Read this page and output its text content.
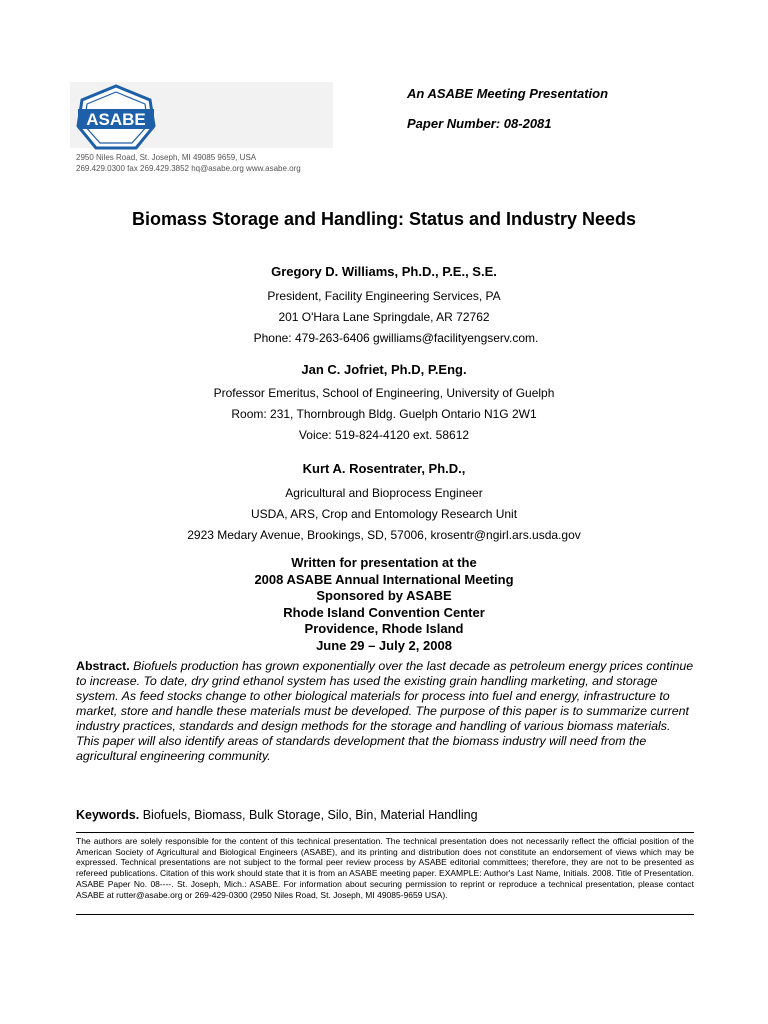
ASABE
2950 Niles Road, St. Joseph, MI 49085 9659, USA
269.429.0300 fax 269.429.3852 hq@asabe.org www.asabe.org
An ASABE Meeting Presentation
Paper Number: 08-2081
Biomass Storage and Handling: Status and Industry Needs
Gregory D. Williams, Ph.D., P.E., S.E.
President, Facility Engineering Services, PA
201 O'Hara Lane Springdale, AR 72762
Phone: 479-263-6406 gwilliams@facilityengserv.com.
Jan C. Jofriet, Ph.D, P.Eng.
Professor Emeritus, School of Engineering, University of Guelph
Room: 231, Thornbrough Bldg. Guelph Ontario N1G 2W1
Voice: 519-824-4120 ext. 58612
Kurt A. Rosentrater, Ph.D.,
Agricultural and Bioprocess Engineer
USDA, ARS, Crop and Entomology Research Unit
2923 Medary Avenue, Brookings, SD, 57006, krosentr@ngirl.ars.usda.gov
Written for presentation at the
2008 ASABE Annual International Meeting
Sponsored by ASABE
Rhode Island Convention Center
Providence, Rhode Island
June 29 – July 2, 2008
Abstract. Biofuels production has grown exponentially over the last decade as petroleum energy prices continue to increase. To date, dry grind ethanol system has used the existing grain handling marketing, and storage system. As feed stocks change to other biological materials for process into fuel and energy, infrastructure to market, store and handle these materials must be developed. The purpose of this paper is to summarize current industry practices, standards and design methods for the storage and handling of various biomass materials. This paper will also identify areas of standards development that the biomass industry will need from the agricultural engineering community.
Keywords. Biofuels, Biomass, Bulk Storage, Silo, Bin, Material Handling
The authors are solely responsible for the content of this technical presentation. The technical presentation does not necessarily reflect the official position of the American Society of Agricultural and Biological Engineers (ASABE), and its printing and distribution does not constitute an endorsement of views which may be expressed. Technical presentations are not subject to the formal peer review process by ASABE editorial committees; therefore, they are not to be presented as refereed publications. Citation of this work should state that it is from an ASABE meeting paper. EXAMPLE: Author's Last Name, Initials. 2008. Title of Presentation. ASABE Paper No. 08----. St. Joseph, Mich.: ASABE. For information about securing permission to reprint or reproduce a technical presentation, please contact ASABE at rutter@asabe.org or 269-429-0300 (2950 Niles Road, St. Joseph, MI 49085-9659 USA).
